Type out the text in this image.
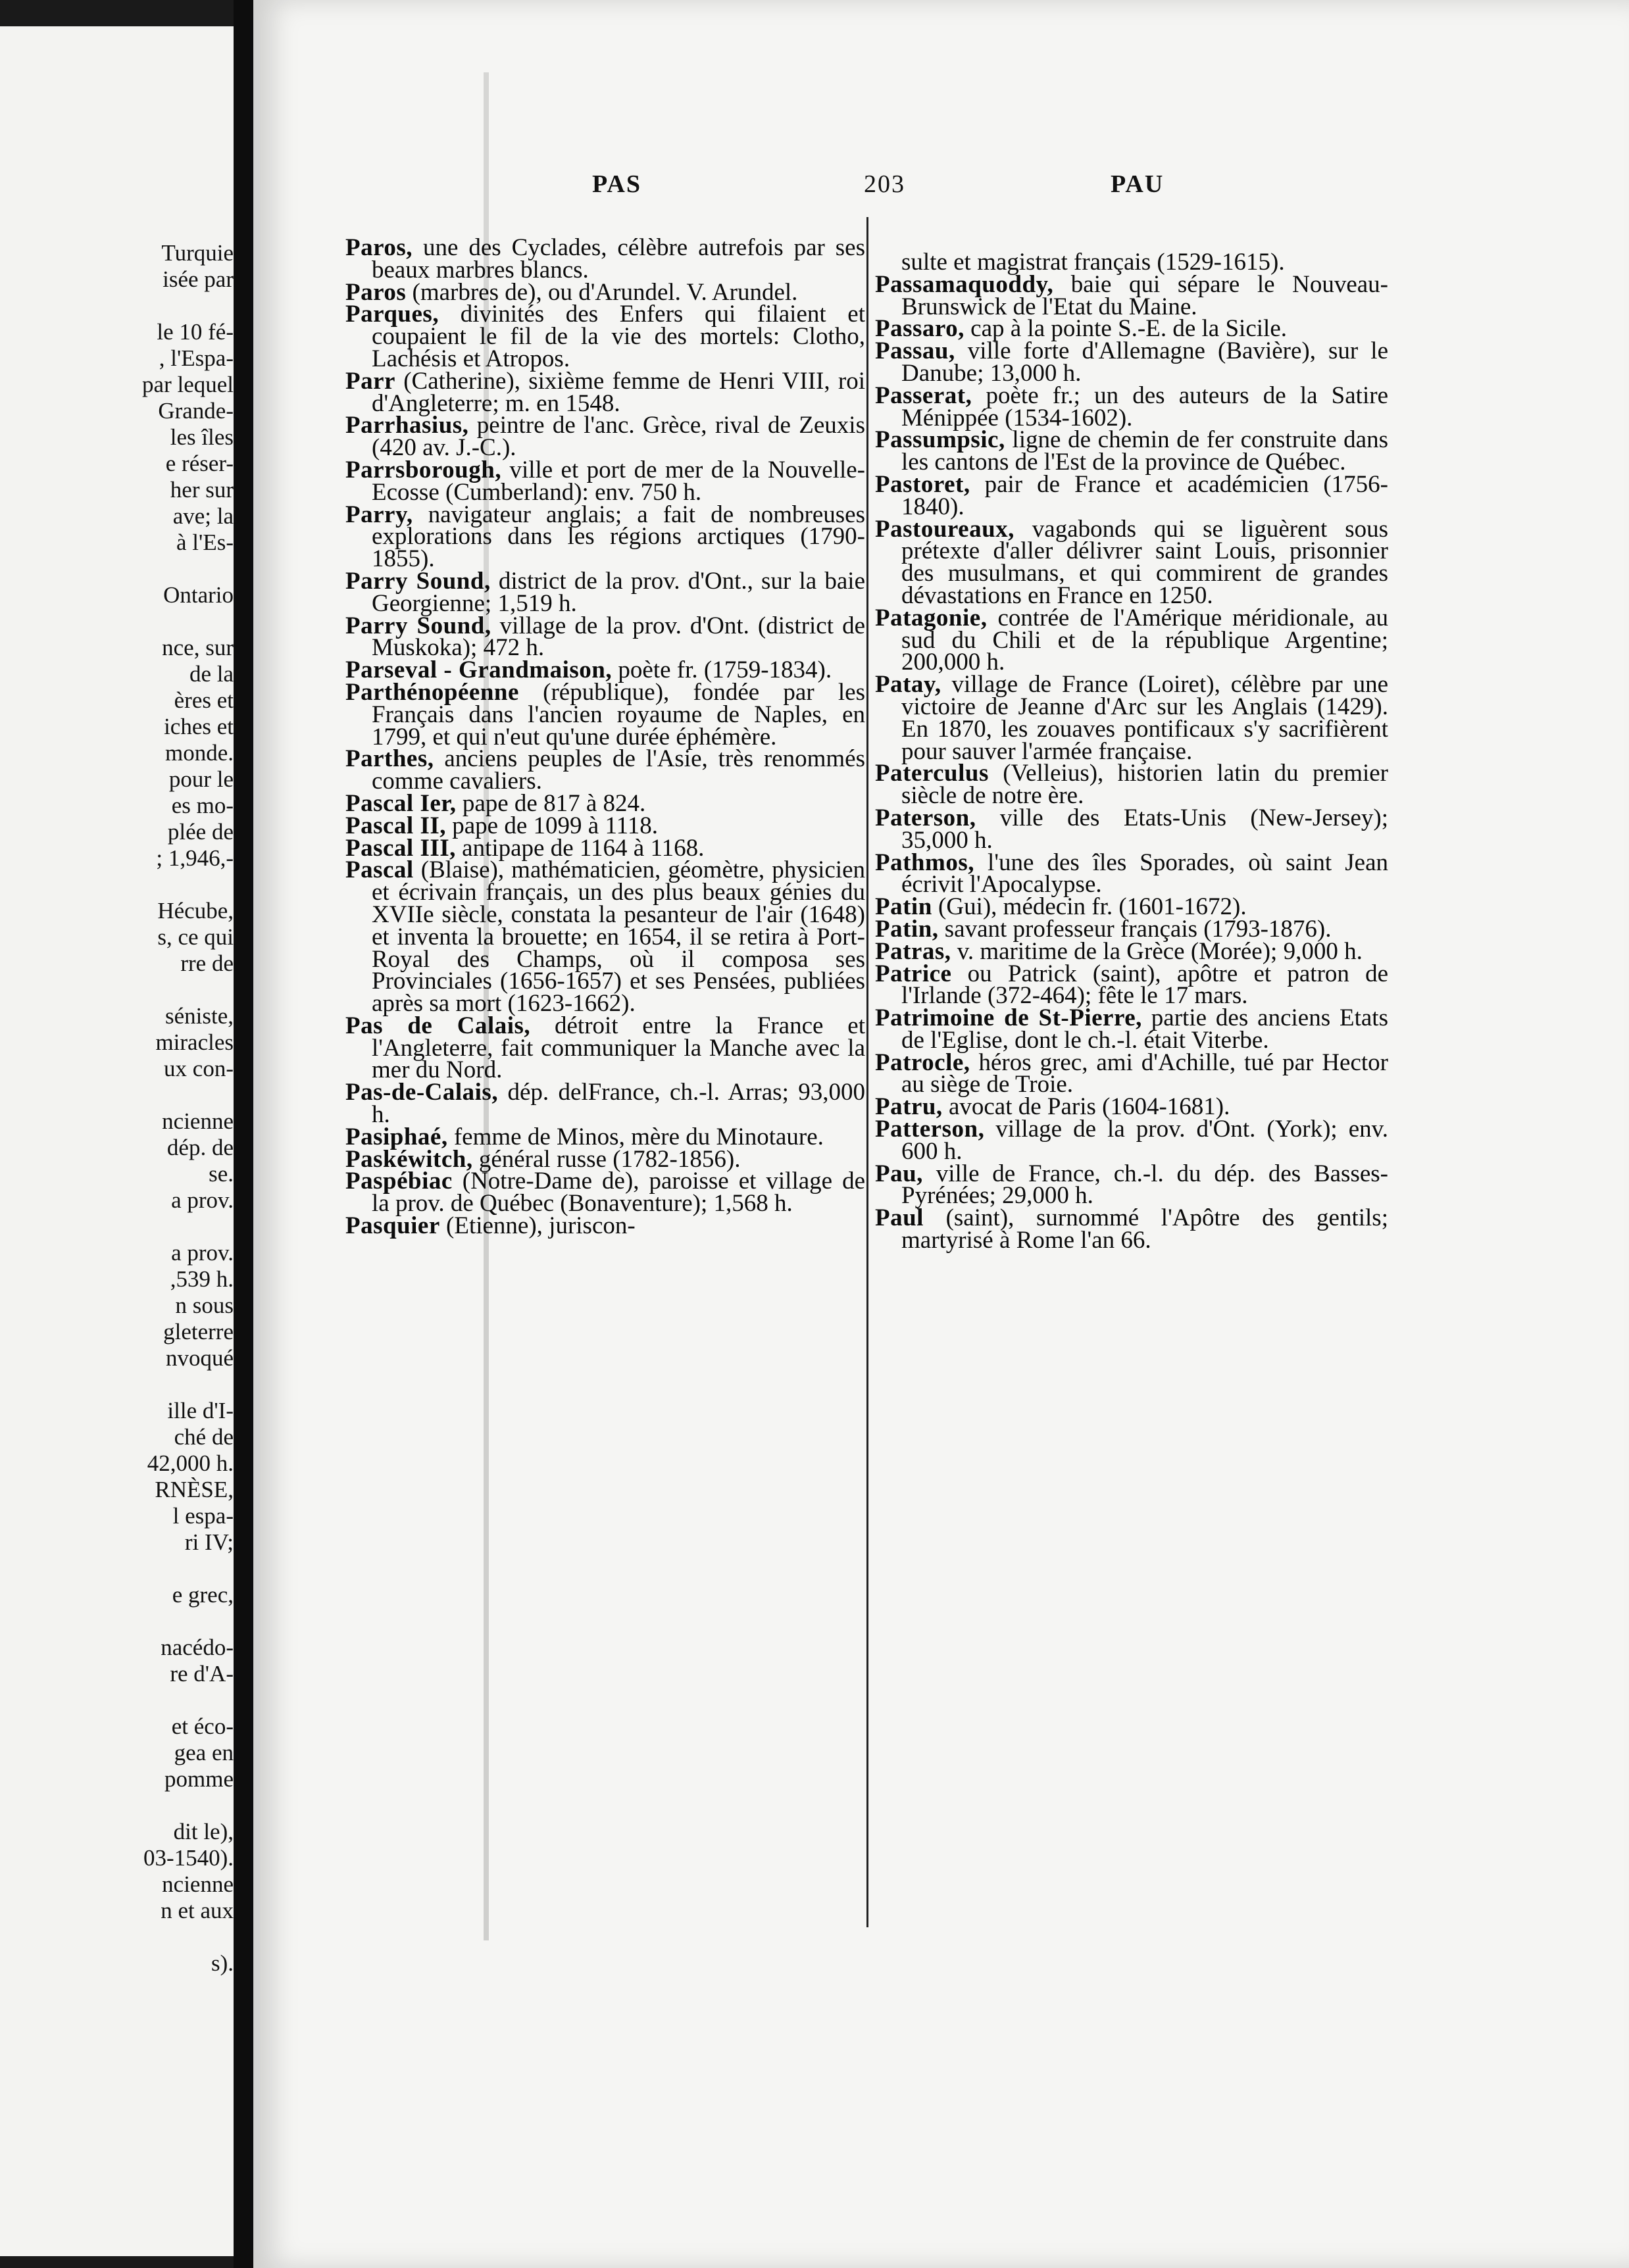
Turquie
isée par
le 10 fé-
, l'Espa-
par lequel
Grande-
les îles
e réser-
her sur
ave; la
à l'Es-
Ontario
nce, sur
de la
ères et
iches et
monde.
pour le
es mo-
plée de
; 1,946,-
Hécube,
s, ce qui
rre de
séniste,
miracles
ux con-
ncienne
dép. de
se.
a prov.
a prov.
,539 h.
n sous
gleterre
nvoqué
ille d'I-
ché de
42,000 h.
RNÈSE,
l espa-
ri IV;
e grec,
nacédo-
re d'A-
et éco-
gea en
pomme
dit le),
03-1540).
ncienne
n et aux
s).
PAS	203	PAU
Paros, une des Cyclades, célèbre autrefois par ses beaux marbres blancs.
Paros (marbres de), ou d'Arundel. V. Arundel.
Parques, divinités des Enfers qui filaient et coupaient le fil de la vie des mortels: Clotho, Lachésis et Atropos.
Parr (Catherine), sixième femme de Henri VIII, roi d'Angleterre; m. en 1548.
Parrhasius, peintre de l'anc. Grèce, rival de Zeuxis (420 av. J.-C.).
Parrsborough, ville et port de mer de la Nouvelle-Ecosse (Cumberland): env. 750 h.
Parry, navigateur anglais; a fait de nombreuses explorations dans les régions arctiques (1790-1855).
Parry Sound, district de la prov. d'Ont., sur la baie Georgienne; 1,519 h.
Parry Sound, village de la prov. d'Ont. (district de Muskoka); 472 h.
Parseval - Grandmaison, poète fr. (1759-1834).
Parthénopéenne (république), fondée par les Français dans l'ancien royaume de Naples, en 1799, et qui n'eut qu'une durée éphémère.
Parthes, anciens peuples de l'Asie, très renommés comme cavaliers.
Pascal Ier, pape de 817 à 824.
Pascal II, pape de 1099 à 1118.
Pascal III, antipape de 1164 à 1168.
Pascal (Blaise), mathématicien, géomètre, physicien et écrivain français, un des plus beaux génies du XVIIe siècle, constata la pesanteur de l'air (1648) et inventa la brouette; en 1654, il se retira à Port-Royal des Champs, où il composa ses Provinciales (1656-1657) et ses Pensées, publiées après sa mort (1623-1662).
Pas de Calais, détroit entre la France et l'Angleterre, fait communiquer la Manche avec la mer du Nord.
Pas-de-Calais, dép. delFrance, ch.-l. Arras; 93,000 h.
Pasiphaé, femme de Minos, mère du Minotaure.
Paskéwitch, général russe (1782-1856).
Paspébiac (Notre-Dame de), paroisse et village de la prov. de Québec (Bonaventure); 1,568 h.
Pasquier (Etienne), juriscon-
sulte et magistrat français (1529-1615).
Passamaquoddy, baie qui sépare le Nouveau-Brunswick de l'Etat du Maine.
Passaro, cap à la pointe S.-E. de la Sicile.
Passau, ville forte d'Allemagne (Bavière), sur le Danube; 13,000 h.
Passerat, poète fr.; un des auteurs de la Satire Ménippée (1534-1602).
Passumpsic, ligne de chemin de fer construite dans les cantons de l'Est de la province de Québec.
Pastoret, pair de France et académicien (1756-1840).
Pastoureaux, vagabonds qui se liguèrent sous prétexte d'aller délivrer saint Louis, prisonnier des musulmans, et qui commirent de grandes dévastations en France en 1250.
Patagonie, contrée de l'Amérique méridionale, au sud du Chili et de la république Argentine; 200,000 h.
Patay, village de France (Loiret), célèbre par une victoire de Jeanne d'Arc sur les Anglais (1429). En 1870, les zouaves pontificaux s'y sacrifièrent pour sauver l'armée française.
Paterculus (Velleius), historien latin du premier siècle de notre ère.
Paterson, ville des Etats-Unis (New-Jersey); 35,000 h.
Pathmos, l'une des îles Sporades, où saint Jean écrivit l'Apocalypse.
Patin (Gui), médecin fr. (1601-1672).
Patin, savant professeur français (1793-1876).
Patras, v. maritime de la Grèce (Morée); 9,000 h.
Patrice ou Patrick (saint), apôtre et patron de l'Irlande (372-464); fête le 17 mars.
Patrimoine de St-Pierre, partie des anciens Etats de l'Eglise, dont le ch.-l. était Viterbe.
Patrocle, héros grec, ami d'Achille, tué par Hector au siège de Troie.
Patru, avocat de Paris (1604-1681).
Patterson, village de la prov. d'Ont. (York); env. 600 h.
Pau, ville de France, ch.-l. du dép. des Basses-Pyrénées; 29,000 h.
Paul (saint), surnommé l'Apôtre des gentils; martyrisé à Rome l'an 66.
